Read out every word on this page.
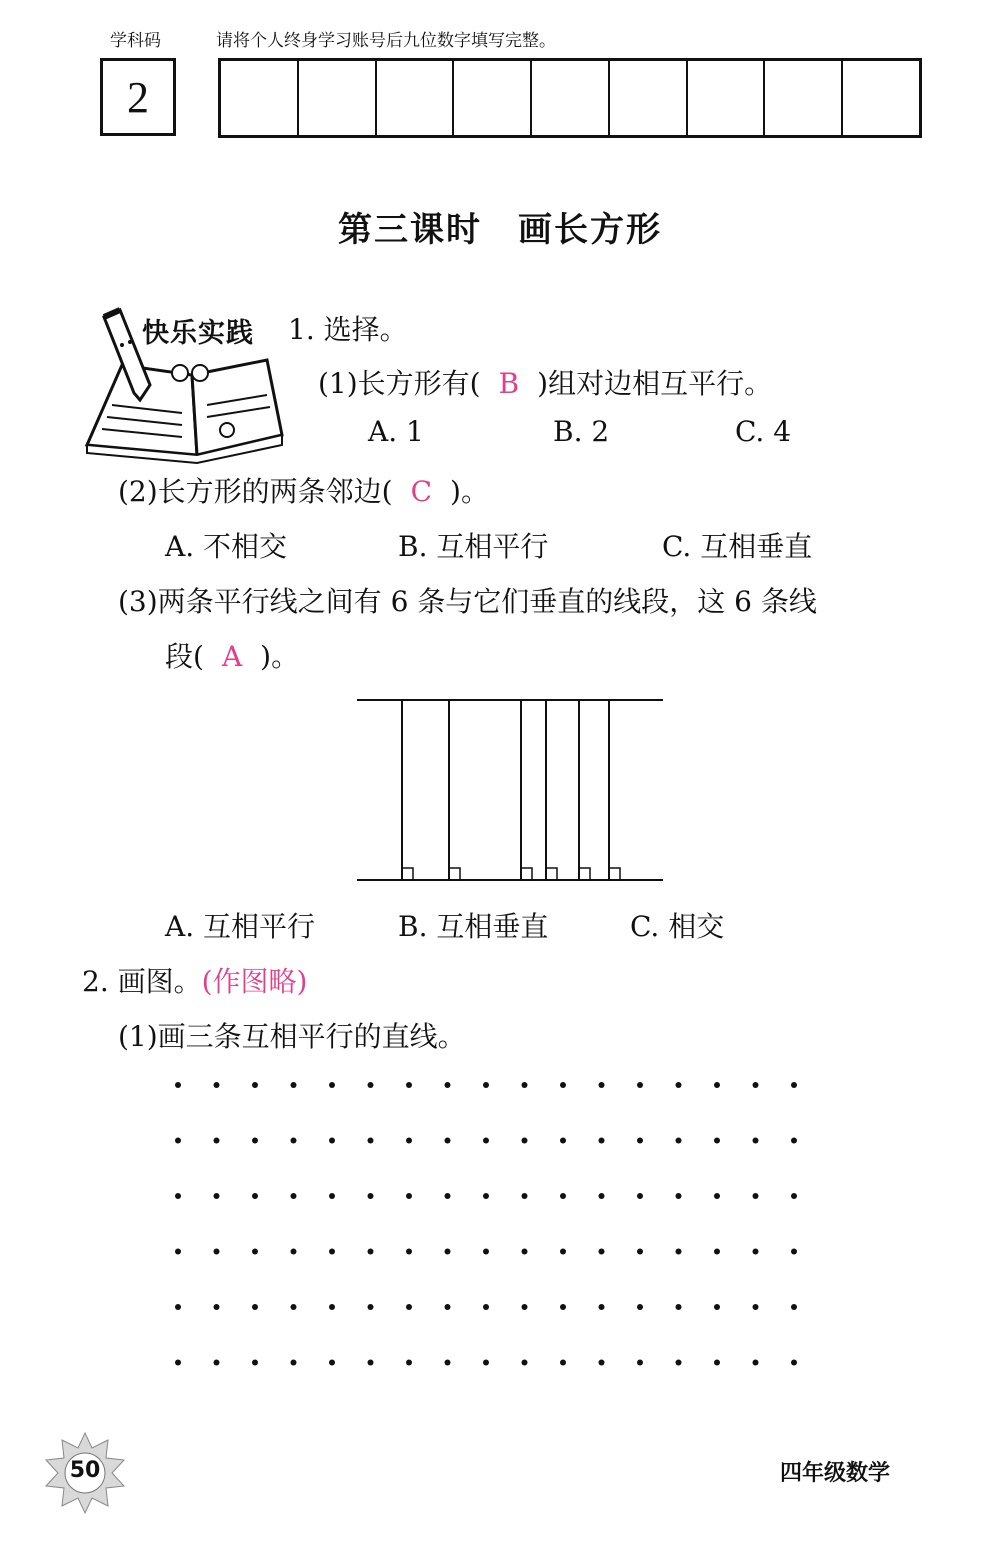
学科码	请将个人终身学习账号后九位数字填写完整。
2
第三课时　画长方形
快乐实践 1. 选择。
(1)长方形有( B )组对边相互平行。
A. 1	B. 2	C. 4
(2)长方形的两条邻边( C )。
A. 不相交	B. 互相平行	C. 互相垂直
(3)两条平行线之间有 6 条与它们垂直的线段，这 6 条线
段( A )。
A. 互相平行	B. 互相垂直	C. 相交
2. 画图。(作图略)
(1)画三条互相平行的直线。
50	四年级数学
